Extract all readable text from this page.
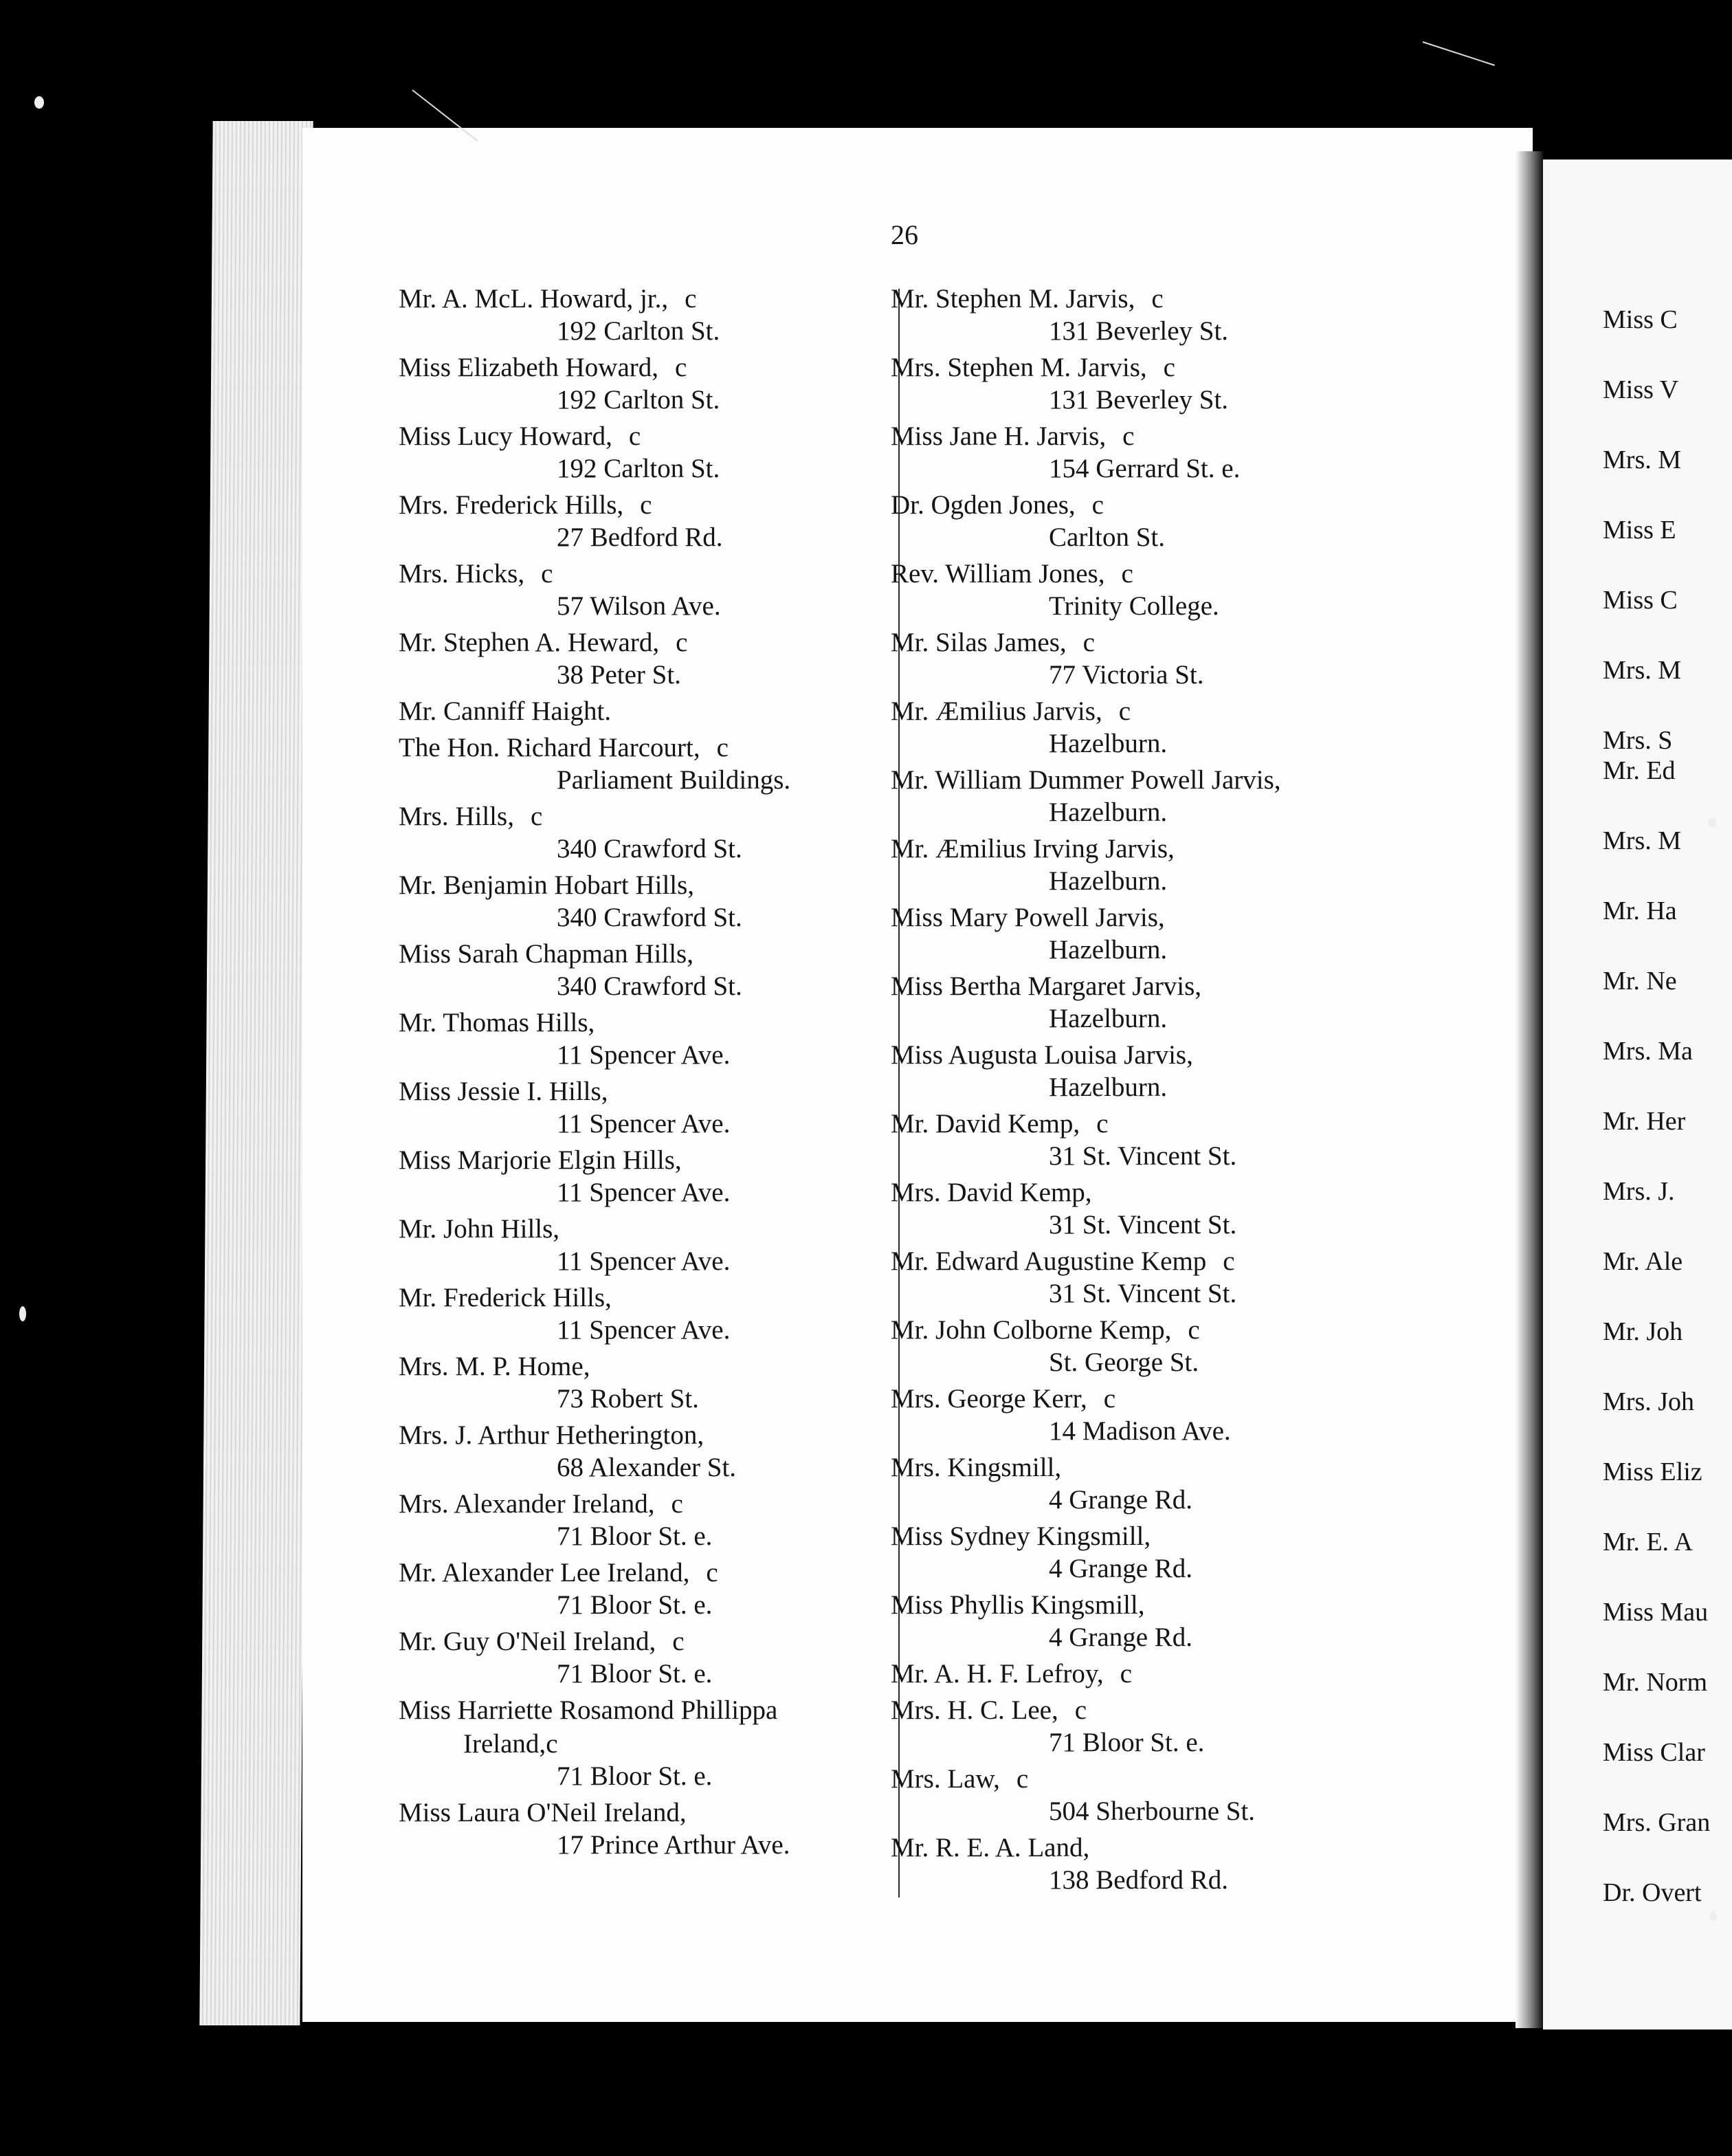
26
Mr. A. McL. Howard, jr., c
192 Carlton St.
Miss Elizabeth Howard, c
192 Carlton St.
Miss Lucy Howard, c
192 Carlton St.
Mrs. Frederick Hills, c
27 Bedford Rd.
Mrs. Hicks, c
57 Wilson Ave.
Mr. Stephen A. Heward, c
38 Peter St.
Mr. Canniff Haight.
The Hon. Richard Harcourt, c
Parliament Buildings.
Mrs. Hills, c
340 Crawford St.
Mr. Benjamin Hobart Hills,
340 Crawford St.
Miss Sarah Chapman Hills,
340 Crawford St.
Mr. Thomas Hills,
11 Spencer Ave.
Miss Jessie I. Hills,
11 Spencer Ave.
Miss Marjorie Elgin Hills,
11 Spencer Ave.
Mr. John Hills,
11 Spencer Ave.
Mr. Frederick Hills,
11 Spencer Ave.
Mrs. M. P. Home,
73 Robert St.
Mrs. J. Arthur Hetherington,
68 Alexander St.
Mrs. Alexander Ireland, c
71 Bloor St. e.
Mr. Alexander Lee Ireland, c
71 Bloor St. e.
Mr. Guy O'Neil Ireland, c
71 Bloor St. e.
Miss Harriette Rosamond Phillippa
Ireland,c
71 Bloor St. e.
Miss Laura O'Neil Ireland,
17 Prince Arthur Ave.
Mr. Stephen M. Jarvis, c
131 Beverley St.
Mrs. Stephen M. Jarvis, c
131 Beverley St.
Miss Jane H. Jarvis, c
154 Gerrard St. e.
Dr. Ogden Jones, c
Carlton St.
Rev. William Jones, c
Trinity College.
Mr. Silas James, c
77 Victoria St.
Mr. Æmilius Jarvis, c
Hazelburn.
Mr. William Dummer Powell Jarvis,
Hazelburn.
Mr. Æmilius Irving Jarvis,
Hazelburn.
Miss Mary Powell Jarvis,
Hazelburn.
Miss Bertha Margaret Jarvis,
Hazelburn.
Miss Augusta Louisa Jarvis,
Hazelburn.
Mr. David Kemp, c
31 St. Vincent St.
Mrs. David Kemp,
31 St. Vincent St.
Mr. Edward Augustine Kemp c
31 St. Vincent St.
Mr. John Colborne Kemp, c
St. George St.
Mrs. George Kerr, c
14 Madison Ave.
Mrs. Kingsmill,
4 Grange Rd.
Miss Sydney Kingsmill,
4 Grange Rd.
Miss Phyllis Kingsmill,
4 Grange Rd.
Mr. A. H. F. Lefroy, c
Mrs. H. C. Lee, c
71 Bloor St. e.
Mrs. Law, c
504 Sherbourne St.
Mr. R. E. A. Land,
138 Bedford Rd.
Miss C
Miss V
Mrs. M
Miss E
Miss C
Mrs. M
Mrs. S
Mr. Ed
Mrs. M
Mr. Ha
Mr. Ne
Mrs. Ma
Mr. Her
Mrs. J.
Mr. Ale
Mr. Joh
Mrs. Joh
Miss Eliz
Mr. E. A
Miss Mau
Mr. Norm
Miss Clar
Mrs. Gran
Dr. Overt
